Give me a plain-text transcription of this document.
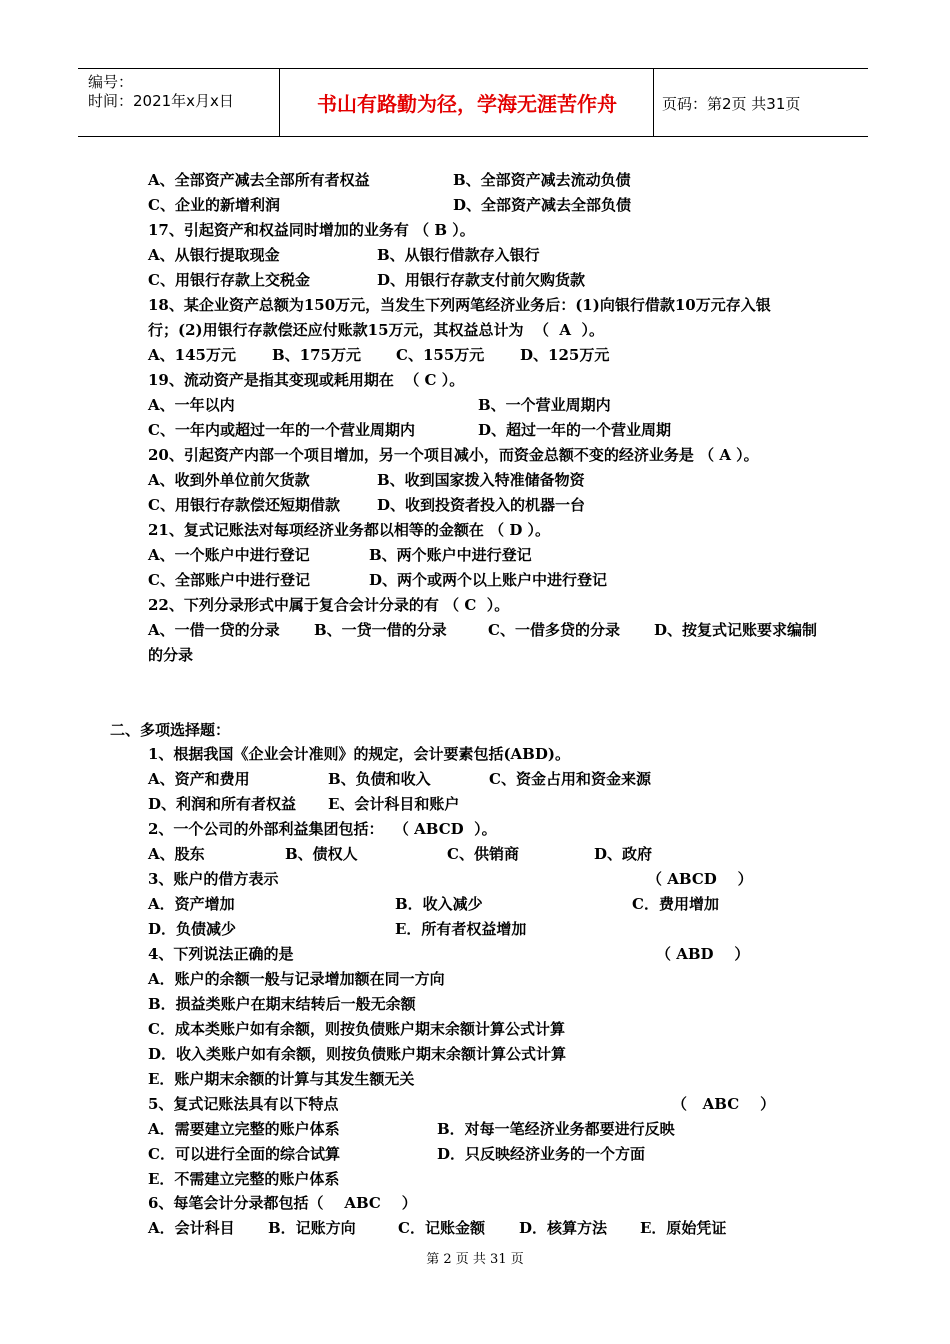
编号：
时间：2021年x月x日	书山有路勤为径，学海无涯苦作舟	页码：第2页 共31页
A、全部资产减去全部所有者权益	B、全部资产减去流动负债
C、企业的新增利润	D、全部资产减去全部负债
17、引起资产和权益同时增加的业务有 （ B ）。
A、从银行提取现金	B、从银行借款存入银行
C、用银行存款上交税金	D、用银行存款支付前欠购货款
18、某企业资产总额为150万元，当发生下列两笔经济业务后：(1)向银行借款10万元存入银
行；(2)用银行存款偿还应付账款15万元，其权益总计为  （  A  ）。
A、145万元 B、175万元 C、155万元 D、125万元
19、流动资产是指其变现或耗用期在  （ C ）。
A、一年以内	B、一个营业周期内
C、一年内或超过一年的一个营业周期内	D、超过一年的一个营业周期
20、引起资产内部一个项目增加，另一个项目减小，而资金总额不变的经济业务是 （ A ）。
A、收到外单位前欠货款	B、收到国家拨入特准储备物资
C、用银行存款偿还短期借款 D、收到投资者投入的机器一台
21、复式记账法对每项经济业务都以相等的金额在 （ D ）。
A、一个账户中进行登记	B、两个账户中进行登记
C、全部账户中进行登记	D、两个或两个以上账户中进行登记
22、下列分录形式中属于复合会计分录的有 （ C  ）。
A、一借一贷的分录 B、一贷一借的分录	C、一借多贷的分录 D、按复式记账要求编制
的分录
二、多项选择题：
1、根据我国《企业会计准则》的规定，会计要素包括(ABD)。
A、资产和费用	B、负债和收入	C、资金占用和资金来源
D、利润和所有者权益 E、会计科目和账户
2、一个公司的外部利益集团包括：  （ ABCD  ）。
A、股东	B、债权人	C、供销商	D、政府
3、账户的借方表示	（ ABCD    ）
A．资产增加	B．收入减少	C．费用增加
D．负债减少	E．所有者权益增加
4、下列说法正确的是	（ ABD    ）
A．账户的余额一般与记录增加额在同一方向
B．损益类账户在期末结转后一般无余额
C．成本类账户如有余额，则按负债账户期末余额计算公式计算
D．收入类账户如有余额，则按负债账户期末余额计算公式计算
E．账户期末余额的计算与其发生额无关
5、复式记账法具有以下特点	（   ABC    ）
A．需要建立完整的账户体系	B．对每一笔经济业务都要进行反映
C．可以进行全面的综合试算	D．只反映经济业务的一个方面
E．不需建立完整的账户体系
6、每笔会计分录都包括（    ABC    ）
A．会计科目 B．记账方向	C．记账金额 D．核算方法 E．原始凭证
第 2 页 共 31 页
